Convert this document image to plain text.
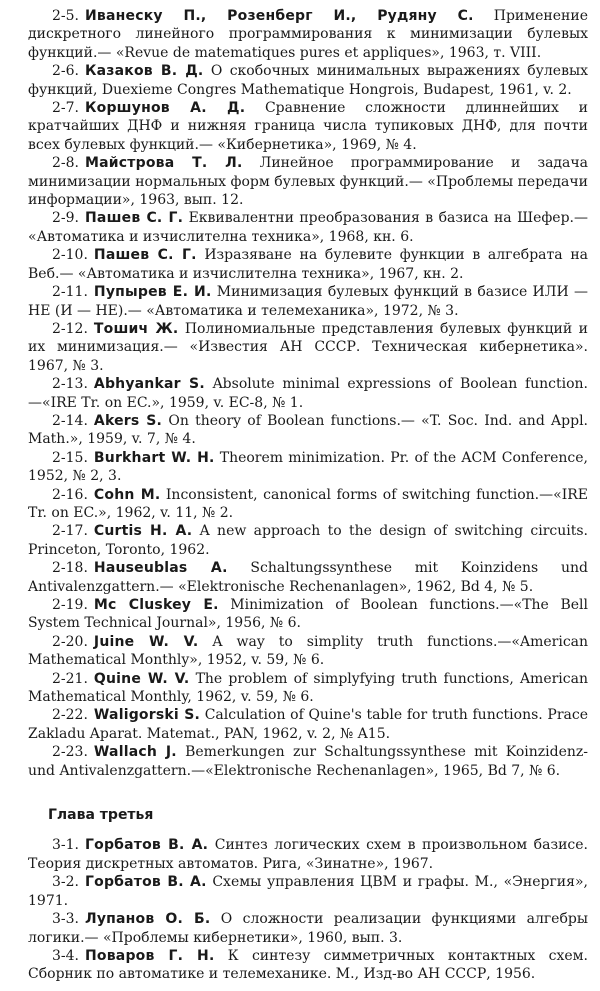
2-5. Иванеску П., Розенберг И., Рудяну С. Применение дискретного линейного программирования к минимизации булевых функций.— «Revue de matematiques pures et appliques», 1963, т. VIII.

2-6. Казаков В. Д. О скобочных минимальных выражениях булевых функций, Duexieme Congres Mathematique Hongrois, Budapest, 1961, v. 2.

2-7. Коршунов А. Д. Сравнение сложности длиннейших и кратчайших ДНФ и нижняя граница числа тупиковых ДНФ, для почти всех булевых функций.— «Кибернетика», 1969, № 4.

2-8. Майстрова Т. Л. Линейное программирование и задача минимизации нормальных форм булевых функций.— «Проблемы передачи информации», 1963, вып. 12.

2-9. Пашев С. Г. Еквивалентни преобразования в базиса на Шефер.— «Автоматика и изчислителна техника», 1968, кн. 6.

2-10. Пашев С. Г. Изразяване на булевите функции в алгебрата на Веб.— «Автоматика и изчислителна техника», 1967, кн. 2.

2-11. Пупырев Е. И. Минимизация булевых функций в базисе ИЛИ — НЕ (И — НЕ).— «Автоматика и телемеханика», 1972, № 3.

2-12. Тошич Ж. Полиномиальные представления булевых функций и их минимизация.— «Известия АН СССР. Техническая кибернетика». 1967, № 3.

2-13. Abhyankar S. Absolute minimal expressions of Boolean function.—«IRE Tr. on EC.», 1959, v. EC-8, № 1.

2-14. Akers S. On theory of Boolean functions.— «T. Soc. Ind. and Appl. Math.», 1959, v. 7, № 4.

2-15. Burkhart W. H. Theorem minimization. Pr. of the ACM Conference, 1952, № 2, 3.

2-16. Cohn M. Inconsistent, canonical forms of switching function.—«IRE Tr. on EC.», 1962, v. 11, № 2.

2-17. Curtis H. A. A new approach to the design of switching circuits. Princeton, Toronto, 1962.

2-18. Hauseublas A. Schaltungssynthese mit Koinzidens und Antivalenzgattern.— «Elektronische Rechenanlagen», 1962, Bd 4, № 5.

2-19. Mc Cluskey E. Minimization of Boolean functions.—«The Bell System Technical Journal», 1956, № 6.

2-20. Juine W. V. A way to simplity truth functions.—«American Mathematical Monthly», 1952, v. 59, № 6.

2-21. Quine W. V. The problem of simplyfying truth functions, American Mathematical Monthly, 1962, v. 59, № 6.

2-22. Waligorski S. Calculation of Quine's table for truth functions. Prace Zakladu Aparat. Matemat., PAN, 1962, v. 2, № A15.

2-23. Wallach J. Bemerkungen zur Schaltungssynthese mit Koinzidenz- und Antivalenzgattern.—«Elektronische Rechenanlagen», 1965, Bd 7, № 6.

Глава третья

3-1. Горбатов В. А. Синтез логических схем в произвольном базисе. Теория дискретных автоматов. Рига, «Зинатне», 1967.

3-2. Горбатов В. А. Схемы управления ЦВМ и графы. М., «Энергия», 1971.

3-3. Лупанов О. Б. О сложности реализации функциями алгебры логики.— «Проблемы кибернетики», 1960, вып. 3.

3-4. Поваров Г. Н. К синтезу симметричных контактных схем. Сборник по автоматике и телемеханике. М., Изд-во АН СССР, 1956.
